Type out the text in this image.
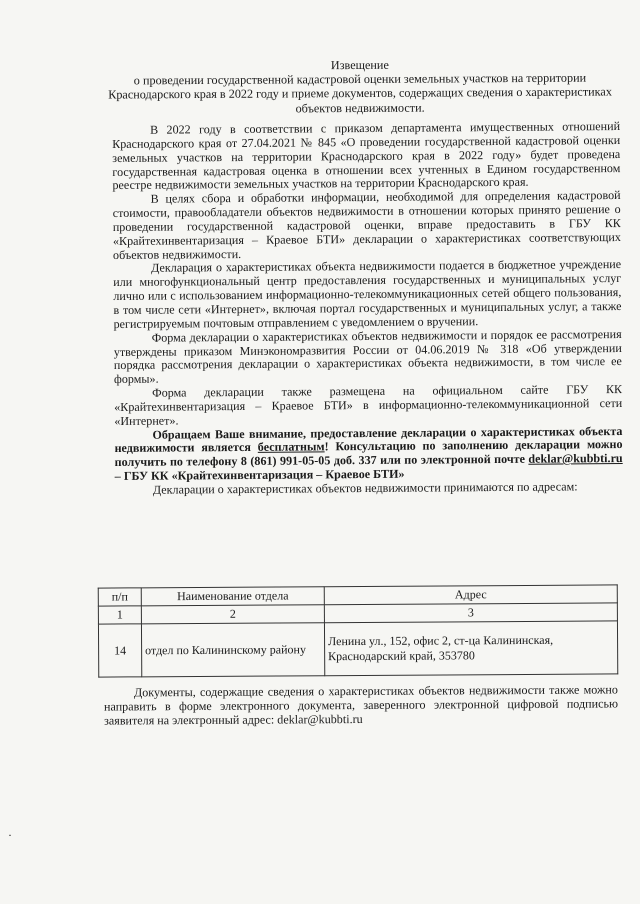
Извещение
о проведении государственной кадастровой оценки земельных участков на территории Краснодарского края в 2022 году и приеме документов, содержащих сведения о характеристиках объектов недвижимости.

В 2022 году в соответствии с приказом департамента имущественных отношений Краснодарского края от 27.04.2021 № 845 «О проведении государственной кадастровой оценки земельных участков на территории Краснодарского края в 2022 году» будет проведена государственная кадастровая оценка в отношении всех учтенных в Едином государственном реестре недвижимости земельных участков на территории Краснодарского края.

В целях сбора и обработки информации, необходимой для определения кадастровой стоимости, правообладатели объектов недвижимости в отношении которых принято решение о проведении государственной кадастровой оценки, вправе предоставить в ГБУ КК «Крайтехинвентаризация – Краевое БТИ» декларации о характеристиках соответствующих объектов недвижимости.

Декларация о характеристиках объекта недвижимости подается в бюджетное учреждение или многофункциональный центр предоставления государственных и муниципальных услуг лично или с использованием информационно-телекоммуникационных сетей общего пользования, в том числе сети «Интернет», включая портал государственных и муниципальных услуг, а также регистрируемым почтовым отправлением с уведомлением о вручении.

Форма декларации о характеристиках объектов недвижимости и порядок ее рассмотрения утверждены приказом Минэкономразвития России от 04.06.2019 № 318 «Об утверждении порядка рассмотрения декларации о характеристиках объекта недвижимости, в том числе ее формы».

Форма декларации также размещена на официальном сайте ГБУ КК «Крайтехинвентаризация – Краевое БТИ» в информационно-телекоммуникационной сети «Интернет».

Обращаем Ваше внимание, предоставление декларации о характеристиках объекта недвижимости является бесплатным! Консультацию по заполнению декларации можно получить по телефону 8 (861) 991-05-05 доб. 337 или по электронной почте deklar@kubbti.ru – ГБУ КК «Крайтехинвентаризация – Краевое БТИ»

Декларации о характеристиках объектов недвижимости принимаются по адресам:

п/п	Наименование отдела	Адрес
1	2	3
14	отдел по Калининскому району	Ленина ул., 152, офис 2, ст-ца Калининская, Краснодарский край, 353780

Документы, содержащие сведения о характеристиках объектов недвижимости также можно направить в форме электронного документа, заверенного электронной цифровой подписью заявителя на электронный адрес: deklar@kubbti.ru

·
